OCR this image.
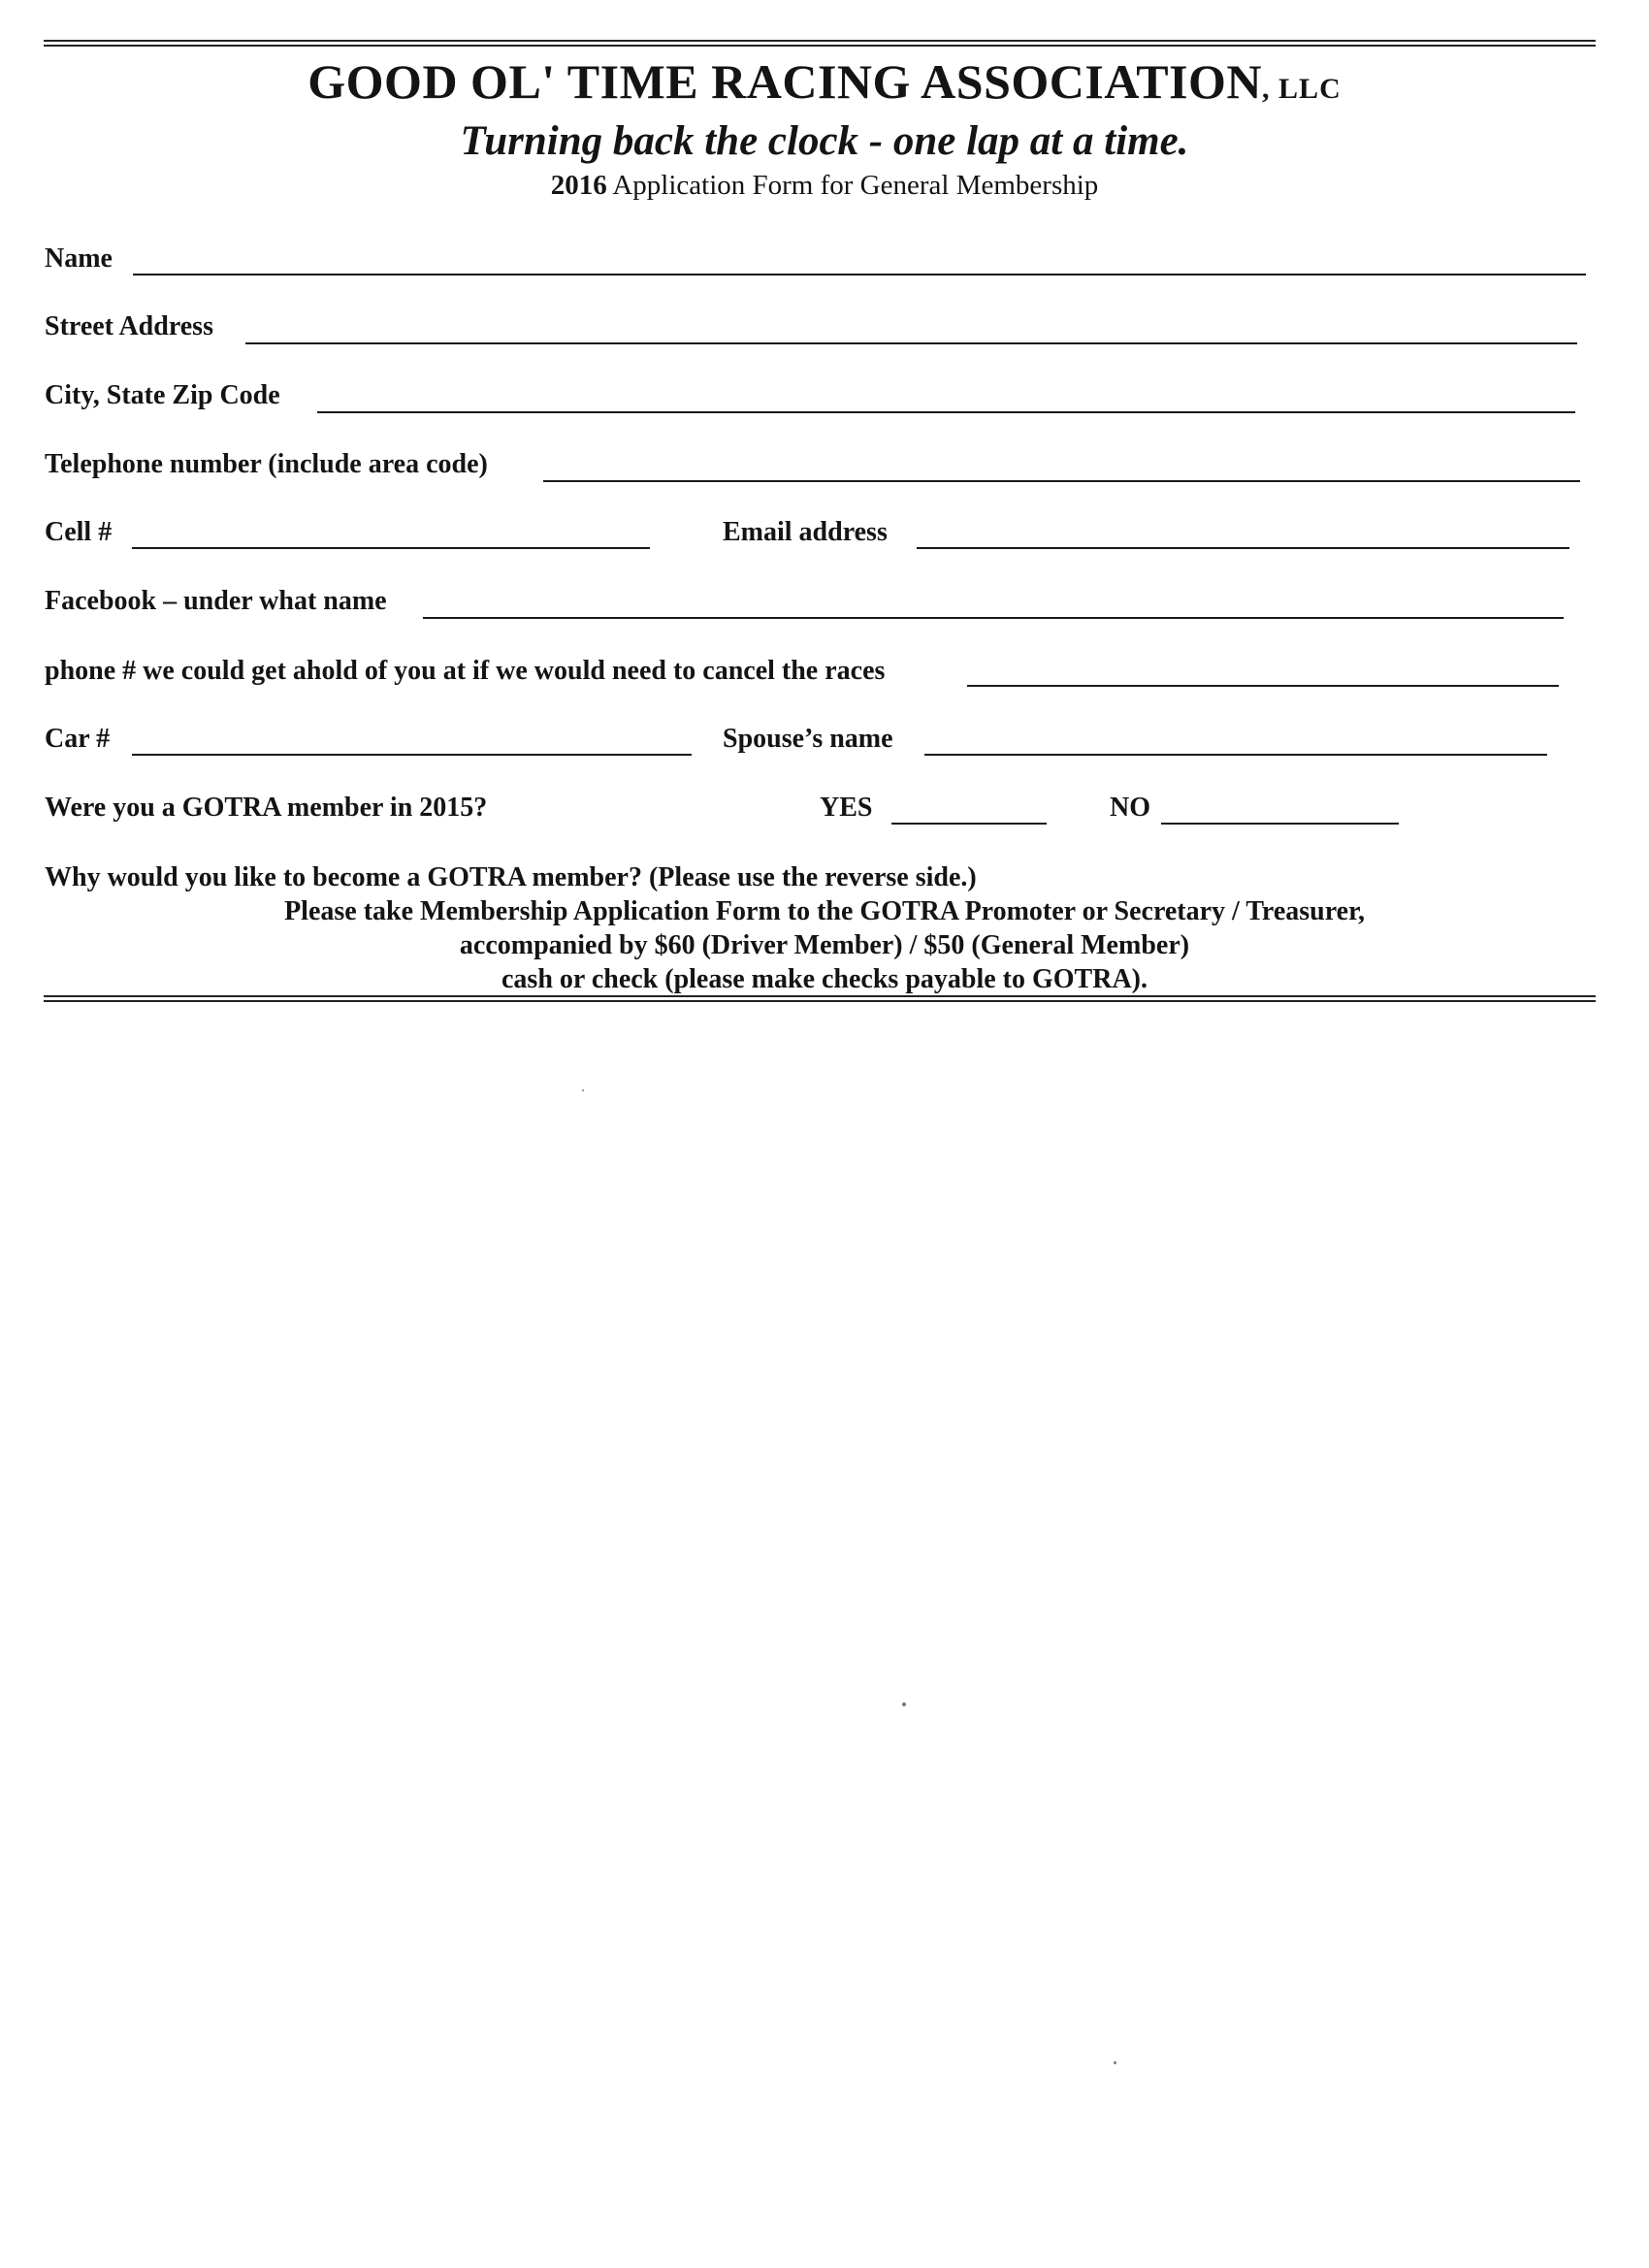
GOOD OL' TIME RACING ASSOCIATION, LLC
Turning back the clock - one lap at a time.
2016 Application Form for General Membership
Name
Street Address
City, State Zip Code
Telephone number (include area code)
Cell #	Email address
Facebook – under what name
phone # we could get ahold of you at if we would need to cancel the races
Car #	Spouse’s name
Were you a GOTRA member in 2015?	YES	NO
Why would you like to become a GOTRA member? (Please use the reverse side.)
Please take Membership Application Form to the GOTRA Promoter or Secretary / Treasurer,
accompanied by $60 (Driver Member) / $50 (General Member)
cash or check (please make checks payable to GOTRA).
